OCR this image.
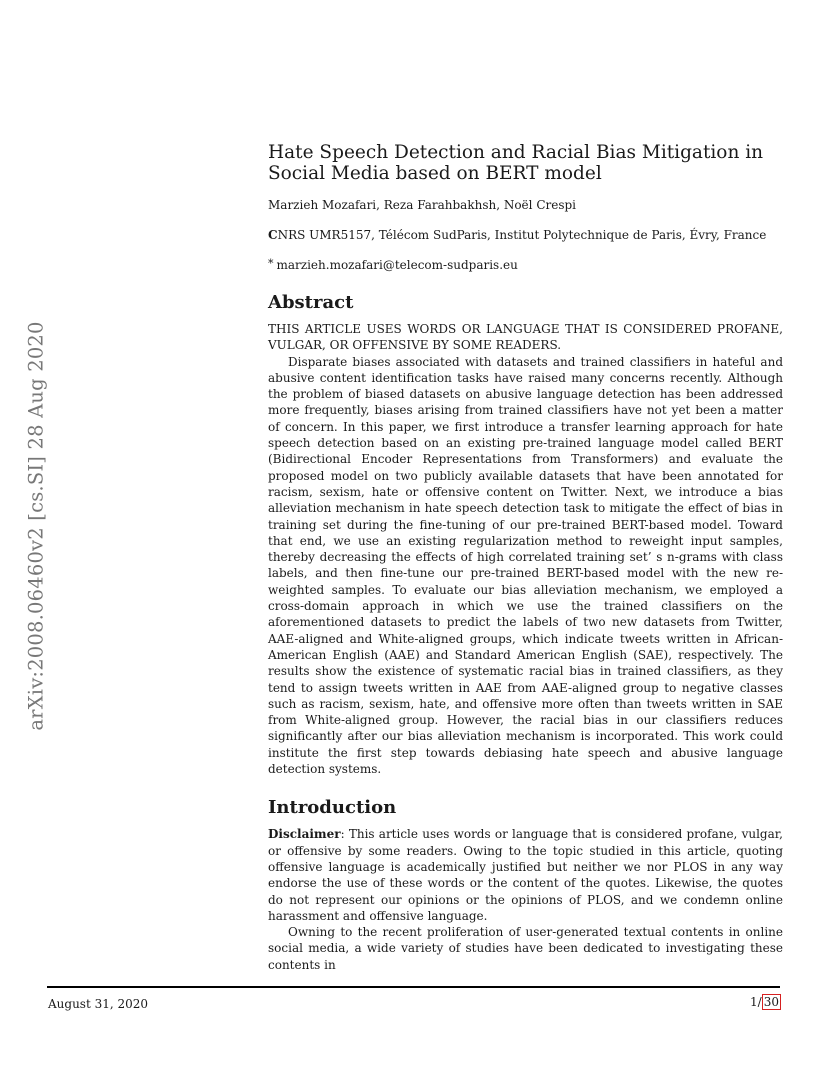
arXiv:2008.06460v2 [cs.SI] 28 Aug 2020
Hate Speech Detection and Racial Bias Mitigation in Social Media based on BERT model
Marzieh Mozafari, Reza Farahbakhsh, Noël Crespi
CNRS UMR5157, Télécom SudParis, Institut Polytechnique de Paris, Évry, France
* marzieh.mozafari@telecom-sudparis.eu
Abstract

THIS ARTICLE USES WORDS OR LANGUAGE THAT IS CONSIDERED PROFANE, VULGAR, OR OFFENSIVE BY SOME READERS.

Disparate biases associated with datasets and trained classifiers in hateful and abusive content identification tasks have raised many concerns recently. Although the problem of biased datasets on abusive language detection has been addressed more frequently, biases arising from trained classifiers have not yet been a matter of concern. In this paper, we first introduce a transfer learning approach for hate speech detection based on an existing pre-trained language model called BERT (Bidirectional Encoder Representations from Transformers) and evaluate the proposed model on two publicly available datasets that have been annotated for racism, sexism, hate or offensive content on Twitter. Next, we introduce a bias alleviation mechanism in hate speech detection task to mitigate the effect of bias in training set during the fine-tuning of our pre-trained BERT-based model. Toward that end, we use an existing regularization method to reweight input samples, thereby decreasing the effects of high correlated training set’ s n-grams with class labels, and then fine-tune our pre-trained BERT-based model with the new re-weighted samples. To evaluate our bias alleviation mechanism, we employed a cross-domain approach in which we use the trained classifiers on the aforementioned datasets to predict the labels of two new datasets from Twitter, AAE-aligned and White-aligned groups, which indicate tweets written in African-American English (AAE) and Standard American English (SAE), respectively. The results show the existence of systematic racial bias in trained classifiers, as they tend to assign tweets written in AAE from AAE-aligned group to negative classes such as racism, sexism, hate, and offensive more often than tweets written in SAE from White-aligned group. However, the racial bias in our classifiers reduces significantly after our bias alleviation mechanism is incorporated. This work could institute the first step towards debiasing hate speech and abusive language detection systems.

Introduction

Disclaimer: This article uses words or language that is considered profane, vulgar, or offensive by some readers. Owing to the topic studied in this article, quoting offensive language is academically justified but neither we nor PLOS in any way endorse the use of these words or the content of the quotes. Likewise, the quotes do not represent our opinions or the opinions of PLOS, and we condemn online harassment and offensive language.

Owning to the recent proliferation of user-generated textual contents in online social media, a wide variety of studies have been dedicated to investigating these contents in

August 31, 2020	1/ 30
